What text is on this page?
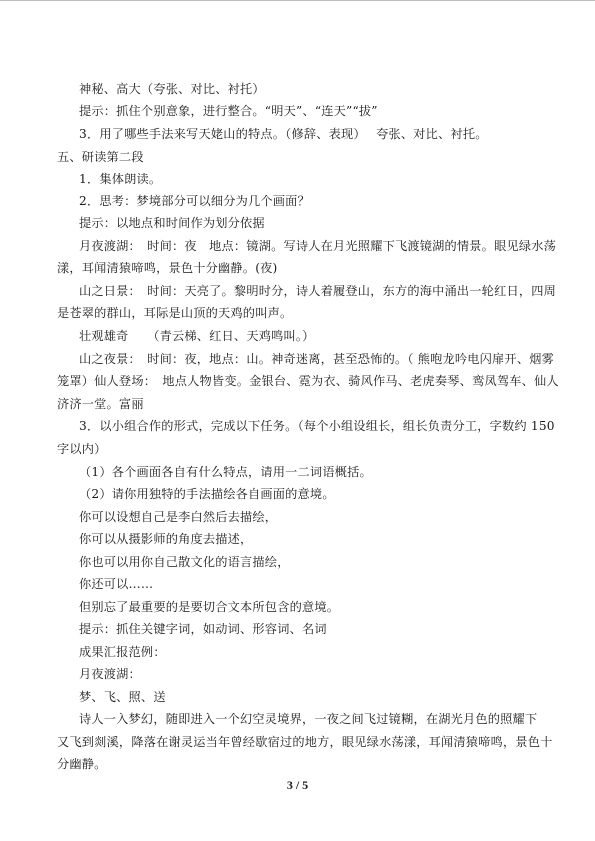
神秘、高大（夸张、对比、衬托）
提示：抓住个别意象，进行整合。“明天”、“连天”“拔”
3．用了哪些手法来写天姥山的特点。（修辞、表现）　 夸张、对比、衬托。
五、研读第二段
1．集体朗读。
2．思考：梦境部分可以细分为几个画面？
提示：以地点和时间作为划分依据
月夜渡湖：　时间：夜　地点：镜湖。写诗人在月光照耀下飞渡镜湖的情景。眼见绿水荡
漾，耳闻清猿啼鸣，景色十分幽静。(夜)
山之日景：　时间：天亮了。黎明时分，诗人着履登山，东方的海中涌出一轮红日，四周
是苍翠的群山，耳际是山顶的天鸡的叫声。
壮观雄奇　　（青云梯、红日、天鸡鸣叫。）
山之夜景：　时间：夜，地点：山。神奇迷离，甚至恐怖的。（ 熊咆龙吟电闪扉开、烟雾
笼罩）仙人登场：　地点人物皆变。金银台、霓为衣、骑风作马、老虎奏琴、鸾凤驾车、仙人
济济一堂。富丽
3．以小组合作的形式，完成以下任务。（每个小组设组长，组长负责分工，字数约 150
字以内）
（1）各个画面各自有什么特点，请用一二词语概括。
（2）请你用独特的手法描绘各自画面的意境。
你可以设想自己是李白然后去描绘，
你可以从摄影师的角度去描述，
你也可以用你自己散文化的语言描绘，
你还可以……
但别忘了最重要的是要切合文本所包含的意境。
提示：抓住关键字词，如动词、形容词、名词
成果汇报范例：
月夜渡湖：
梦、飞、照、送
诗人一入梦幻，随即进入一个幻空灵境界，一夜之间飞过镜糊，在湖光月色的照耀下
又飞到剡溪，降落在谢灵运当年曾经歇宿过的地方，眼见绿水荡漾，耳闻清猿啼鸣，景色十
分幽静。
3 / 5
